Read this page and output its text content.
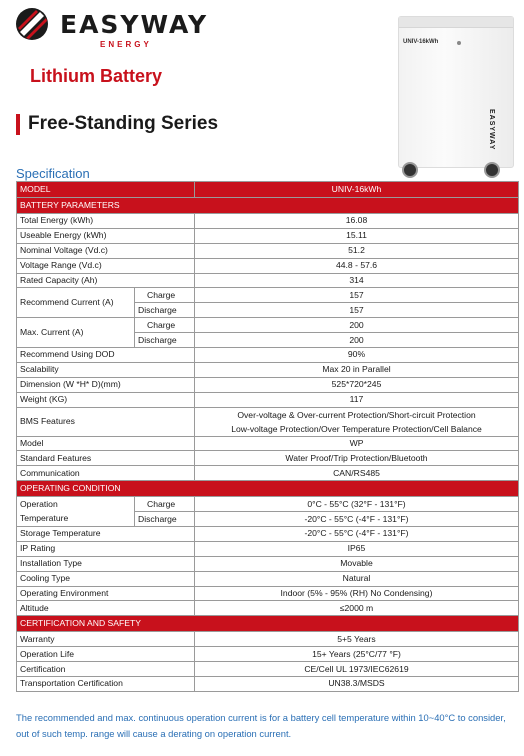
EASYWAY
ENERGY
Lithium Battery
Free-Standing Series
Specification
UNIV-16kWh
EASYWAY
MODEL		UNIV-16kWh
BATTERY PARAMETERS		
Total Energy (kWh)		16.08
Useable Energy (kWh)		15.11
Nominal Voltage (Vd.c)		51.2
Voltage Range (Vd.c)		44.8 - 57.6
Rated Capacity (Ah)		314
Recommend Current (A)	Charge	157
	Discharge	157
Max. Current (A)	Charge	200
	Discharge	200
Recommend Using DOD		90%
Scalability		Max 20 in Parallel
Dimension (W *H* D)(mm)		525*720*245
Weight (KG)		117
BMS Features		Over-voltage & Over-current Protection/Short-circuit Protection
Low-voltage Protection/Over Temperature Protection/Cell Balance

Model		WP
Standard Features		Water Proof/Trip Protection/Bluetooth
Communication		CAN/RS485
OPERATING CONDITION		
Operation	Charge	0°C - 55°C (32°F - 131°F)
Temperature	Discharge	-20°C - 55°C (-4°F - 131°F)
Storage Temperature		-20°C - 55°C (-4°F - 131°F)
IP Rating		IP65
Installation Type		Movable
Cooling Type		Natural
Operating Environment		Indoor (5% - 95% (RH) No Condensing)
Altitude		≤2000 m
CERTIFICATION AND SAFETY		
Warranty		5+5 Years
Operation Life		15+ Years (25°C/77 °F)
Certification		CE/Cell UL 1973/IEC62619
Transportation Certification		UN38.3/MSDS
The recommended and max. continuous operation current is for a battery cell temperature within 10~40°C to consider, out of such temp. range will cause a derating on operation current.
